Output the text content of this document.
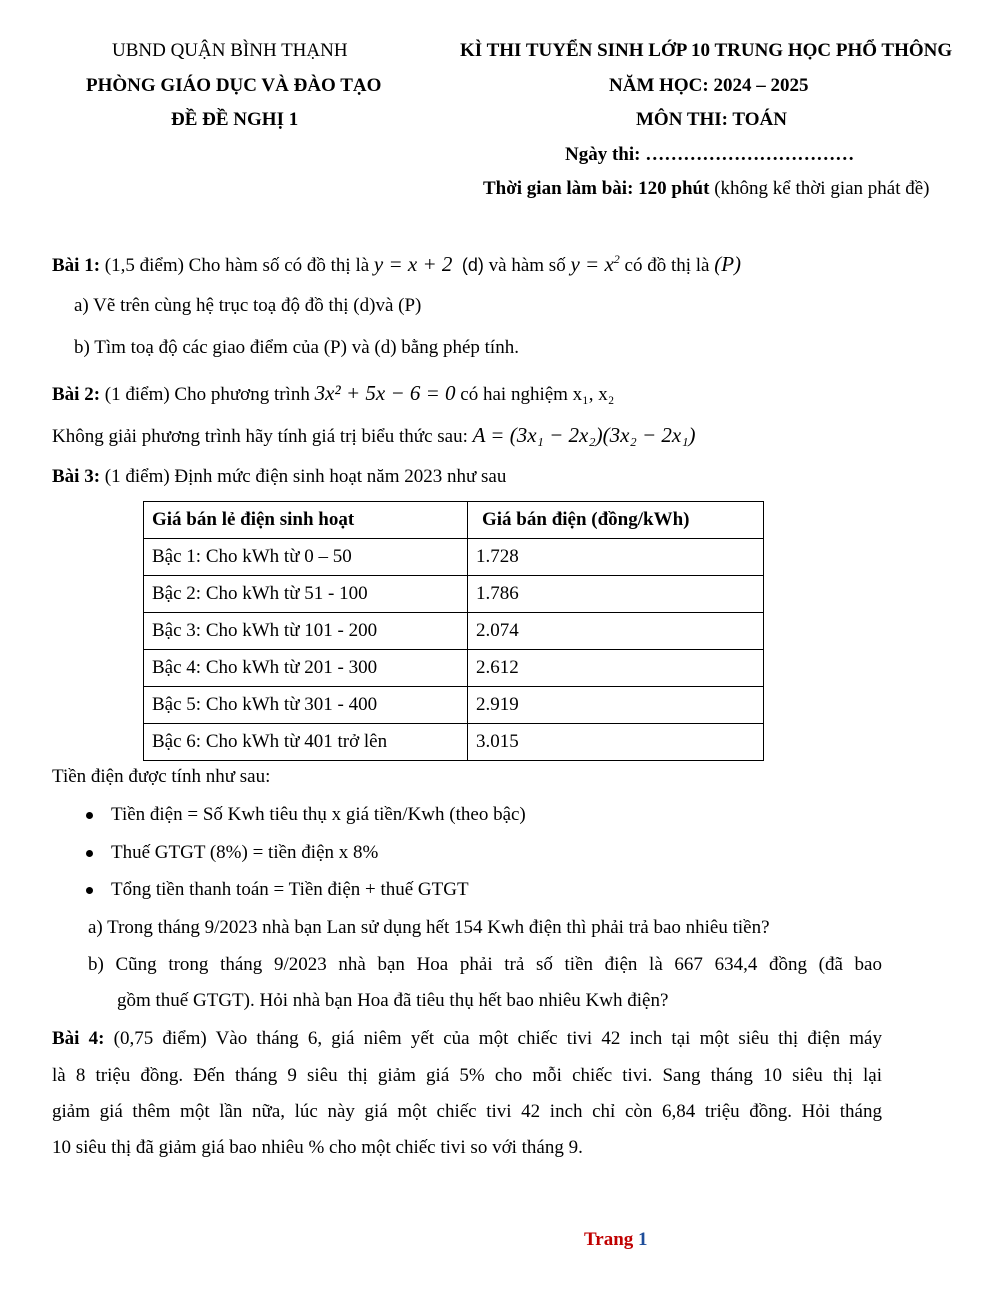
UBND QUẬN BÌNH THẠNH
PHÒNG GIÁO DỤC VÀ ĐÀO TẠO
ĐỀ ĐỀ NGHỊ 1
KÌ THI TUYỂN SINH LỚP 10 TRUNG HỌC PHỔ THÔNG
NĂM HỌC: 2024 – 2025
MÔN THI: TOÁN
Ngày thi: ……………………………
Thời gian làm bài: 120 phút (không kể thời gian phát đề)
Bài 1: (1,5 điểm) Cho hàm số có đồ thị là y = x + 2 (d) và hàm số $y = x^2$ có đồ thị là (P)
a) Vẽ trên cùng hệ trục toạ độ đồ thị (d)và (P)
b) Tìm toạ độ các giao điểm của (P) và (d) bằng phép tính.
Bài 2: (1 điểm) Cho phương trình 3x² + 5x − 6 = 0 có hai nghiệm x₁, x₂
Không giải phương trình hãy tính giá trị biểu thức sau: A = (3x₁ − 2x₂)(3x₂ − 2x₁)
Bài 3: (1 điểm) Định mức điện sinh hoạt năm 2023 như sau
Giá bán lẻ điện sinh hoạt	Giá bán điện (đồng/kWh)
Bậc 1: Cho kWh từ 0 – 50	1.728
Bậc 2: Cho kWh từ 51 - 100	1.786
Bậc 3: Cho kWh từ 101 - 200	2.074
Bậc 4: Cho kWh từ 201 - 300	2.612
Bậc 5: Cho kWh từ 301 - 400	2.919
Bậc 6: Cho kWh từ 401 trở lên	3.015
Tiền điện được tính như sau:
Tiền điện = Số Kwh tiêu thụ x giá tiền/Kwh (theo bậc)
Thuế GTGT (8%) = tiền điện x 8%
Tổng tiền thanh toán = Tiền điện + thuế GTGT
a) Trong tháng 9/2023 nhà bạn Lan sử dụng hết 154 Kwh điện thì phải trả bao nhiêu tiền?
b) Cũng trong tháng 9/2023 nhà bạn Hoa phải trả số tiền điện là 667 634,4 đồng (đã bao
gồm thuế GTGT). Hỏi nhà bạn Hoa đã tiêu thụ hết bao nhiêu Kwh điện?
Bài 4: (0,75 điểm) Vào tháng 6, giá niêm yết của một chiếc tivi 42 inch tại một siêu thị điện máy
là 8 triệu đồng. Đến tháng 9 siêu thị giảm giá 5% cho mỗi chiếc tivi. Sang tháng 10 siêu thị lại
giảm giá thêm một lần nữa, lúc này giá một chiếc tivi 42 inch chỉ còn 6,84 triệu đồng. Hỏi tháng
10 siêu thị đã giảm giá bao nhiêu % cho một chiếc tivi so với tháng 9.
Trang 1
